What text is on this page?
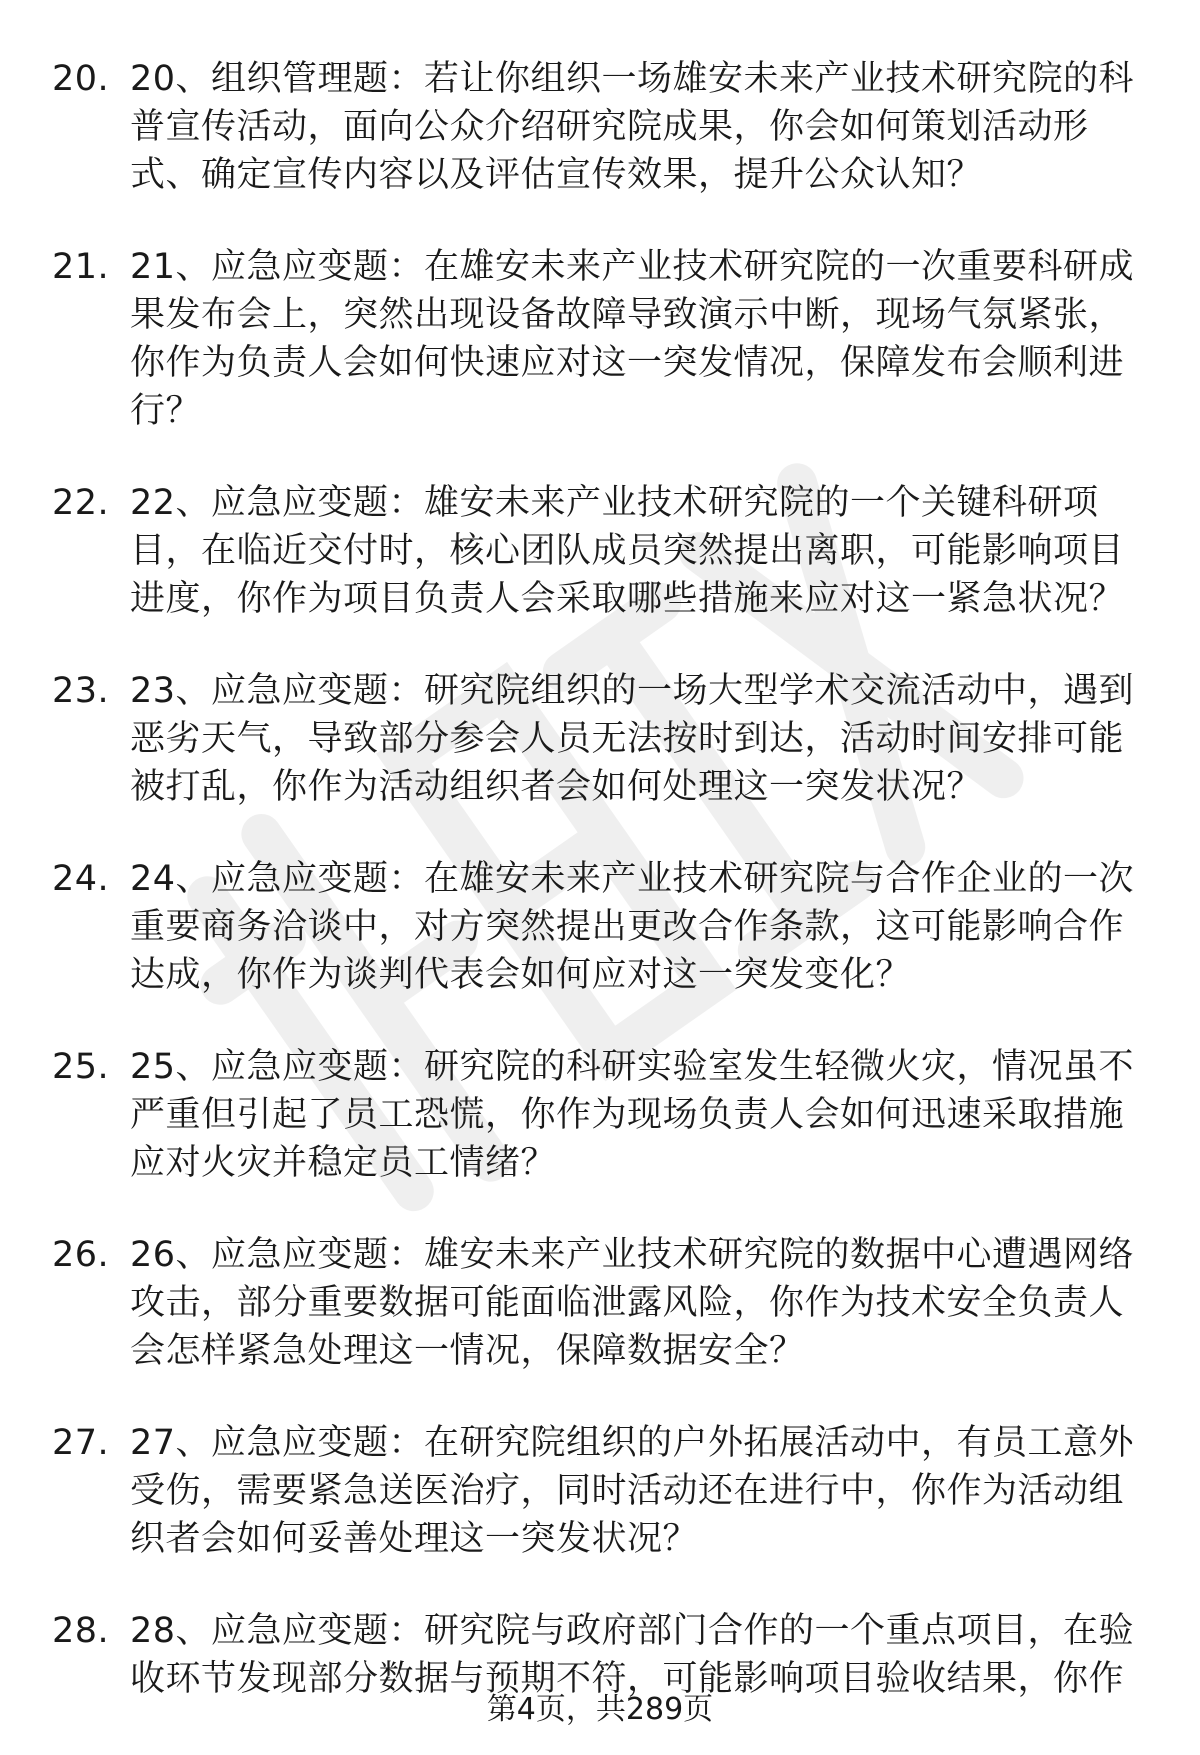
20. 20、组织管理题：若让你组织一场雄安未来产业技术研究院的科普宣传活动，面向公众介绍研究院成果，你会如何策划活动形式、确定宣传内容以及评估宣传效果，提升公众认知？
21. 21、应急应变题：在雄安未来产业技术研究院的一次重要科研成果发布会上，突然出现设备故障导致演示中断，现场气氛紧张，你作为负责人会如何快速应对这一突发情况，保障发布会顺利进行？
22. 22、应急应变题：雄安未来产业技术研究院的一个关键科研项目，在临近交付时，核心团队成员突然提出离职，可能影响项目进度，你作为项目负责人会采取哪些措施来应对这一紧急状况？
23. 23、应急应变题：研究院组织的一场大型学术交流活动中，遇到恶劣天气，导致部分参会人员无法按时到达，活动时间安排可能被打乱，你作为活动组织者会如何处理这一突发状况？
24. 24、应急应变题：在雄安未来产业技术研究院与合作企业的一次重要商务洽谈中，对方突然提出更改合作条款，这可能影响合作达成，你作为谈判代表会如何应对这一突发变化？
25. 25、应急应变题：研究院的科研实验室发生轻微火灾，情况虽不严重但引起了员工恐慌，你作为现场负责人会如何迅速采取措施应对火灾并稳定员工情绪？
26. 26、应急应变题：雄安未来产业技术研究院的数据中心遭遇网络攻击，部分重要数据可能面临泄露风险，你作为技术安全负责人会怎样紧急处理这一情况，保障数据安全？
27. 27、应急应变题：在研究院组织的户外拓展活动中，有员工意外受伤，需要紧急送医治疗，同时活动还在进行中，你作为活动组织者会如何妥善处理这一突发状况？
28. 28、应急应变题：研究院与政府部门合作的一个重点项目，在验收环节发现部分数据与预期不符，可能影响项目验收结果，你作
第4页，共289页
